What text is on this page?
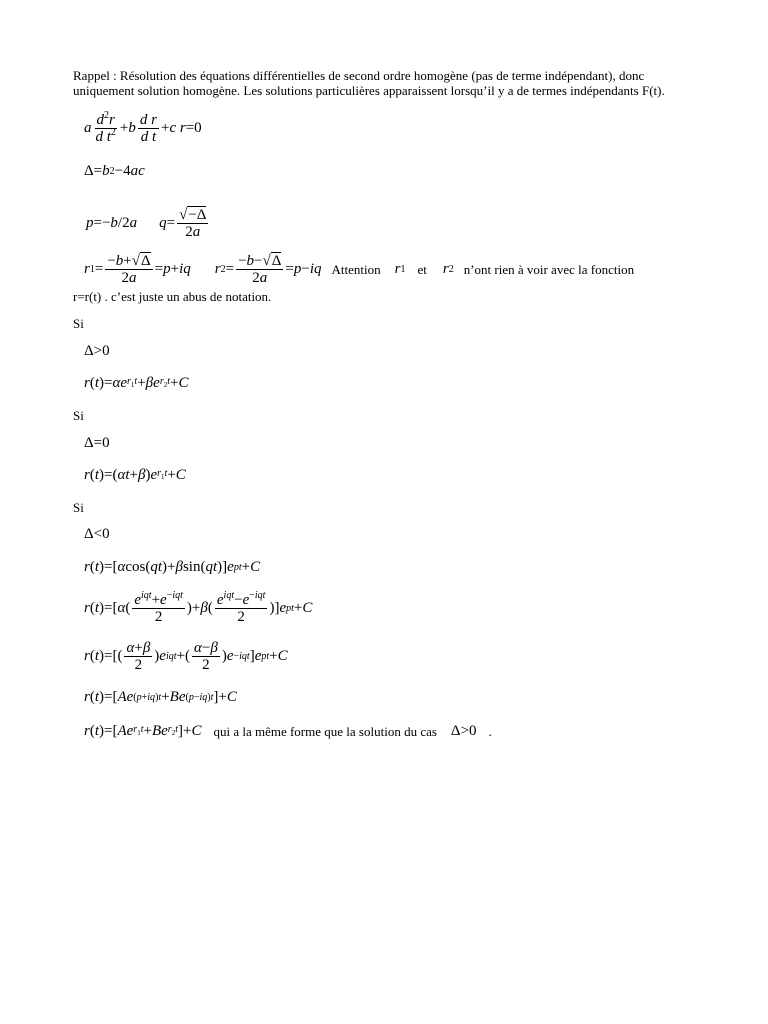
Rappel : Résolution des équations différentielles de second ordre homogène (pas de terme indépendant), donc uniquement solution homogène. Les solutions particulières apparaissent lorsqu’il y a de termes indépendants F(t).
a $\frac{d^2r}{d t^2} + b \frac{\text{d r}}{\text{d t}} + c$ r =0
Δ= b 2 −4 ac
p =− b /2 a $q = \frac{√-\Delta}{2a}$
r $1 = \frac{-b+√\Delta}{2a} = p$ + iq r $2 = \frac{-b-√\Delta}{2a} = p$ − iq Attention r 1 et r 2 n’ont rien à voir avec la fonction
r=r(t) . c’est juste un abus de notation.
Si
Δ>0
r ( t )= αe $r_1t + \beta e$ $r_2t + C$
Si
Δ=0
r ( t )=( αt + β ) e $r_1t + C$
Si
Δ<0
r ( t )=[ α cos( qt )+ β sin( qt )] e pt + C
r ( t )=[ α ( $\frac{e^{iqt}+e^{-iqt}}{2}$ )+ β ( $\frac{e^{iqt}-e^{-iqt}}{2}$ )] e pt + C
r ( t )=[( $\frac{\alpha+\beta}{2}$ ) e iqt +( $\frac{\alpha-\beta}{2}$ ) e −iqt ] e pt + C
r ( t )=[ Ae (p+iq)t + Be (p−iq)t ]+ C
r ( t )=[ Ae $r_1t + Be$ $r_2t$ ]+ C qui a la même forme que la solution du cas Δ>0 .
